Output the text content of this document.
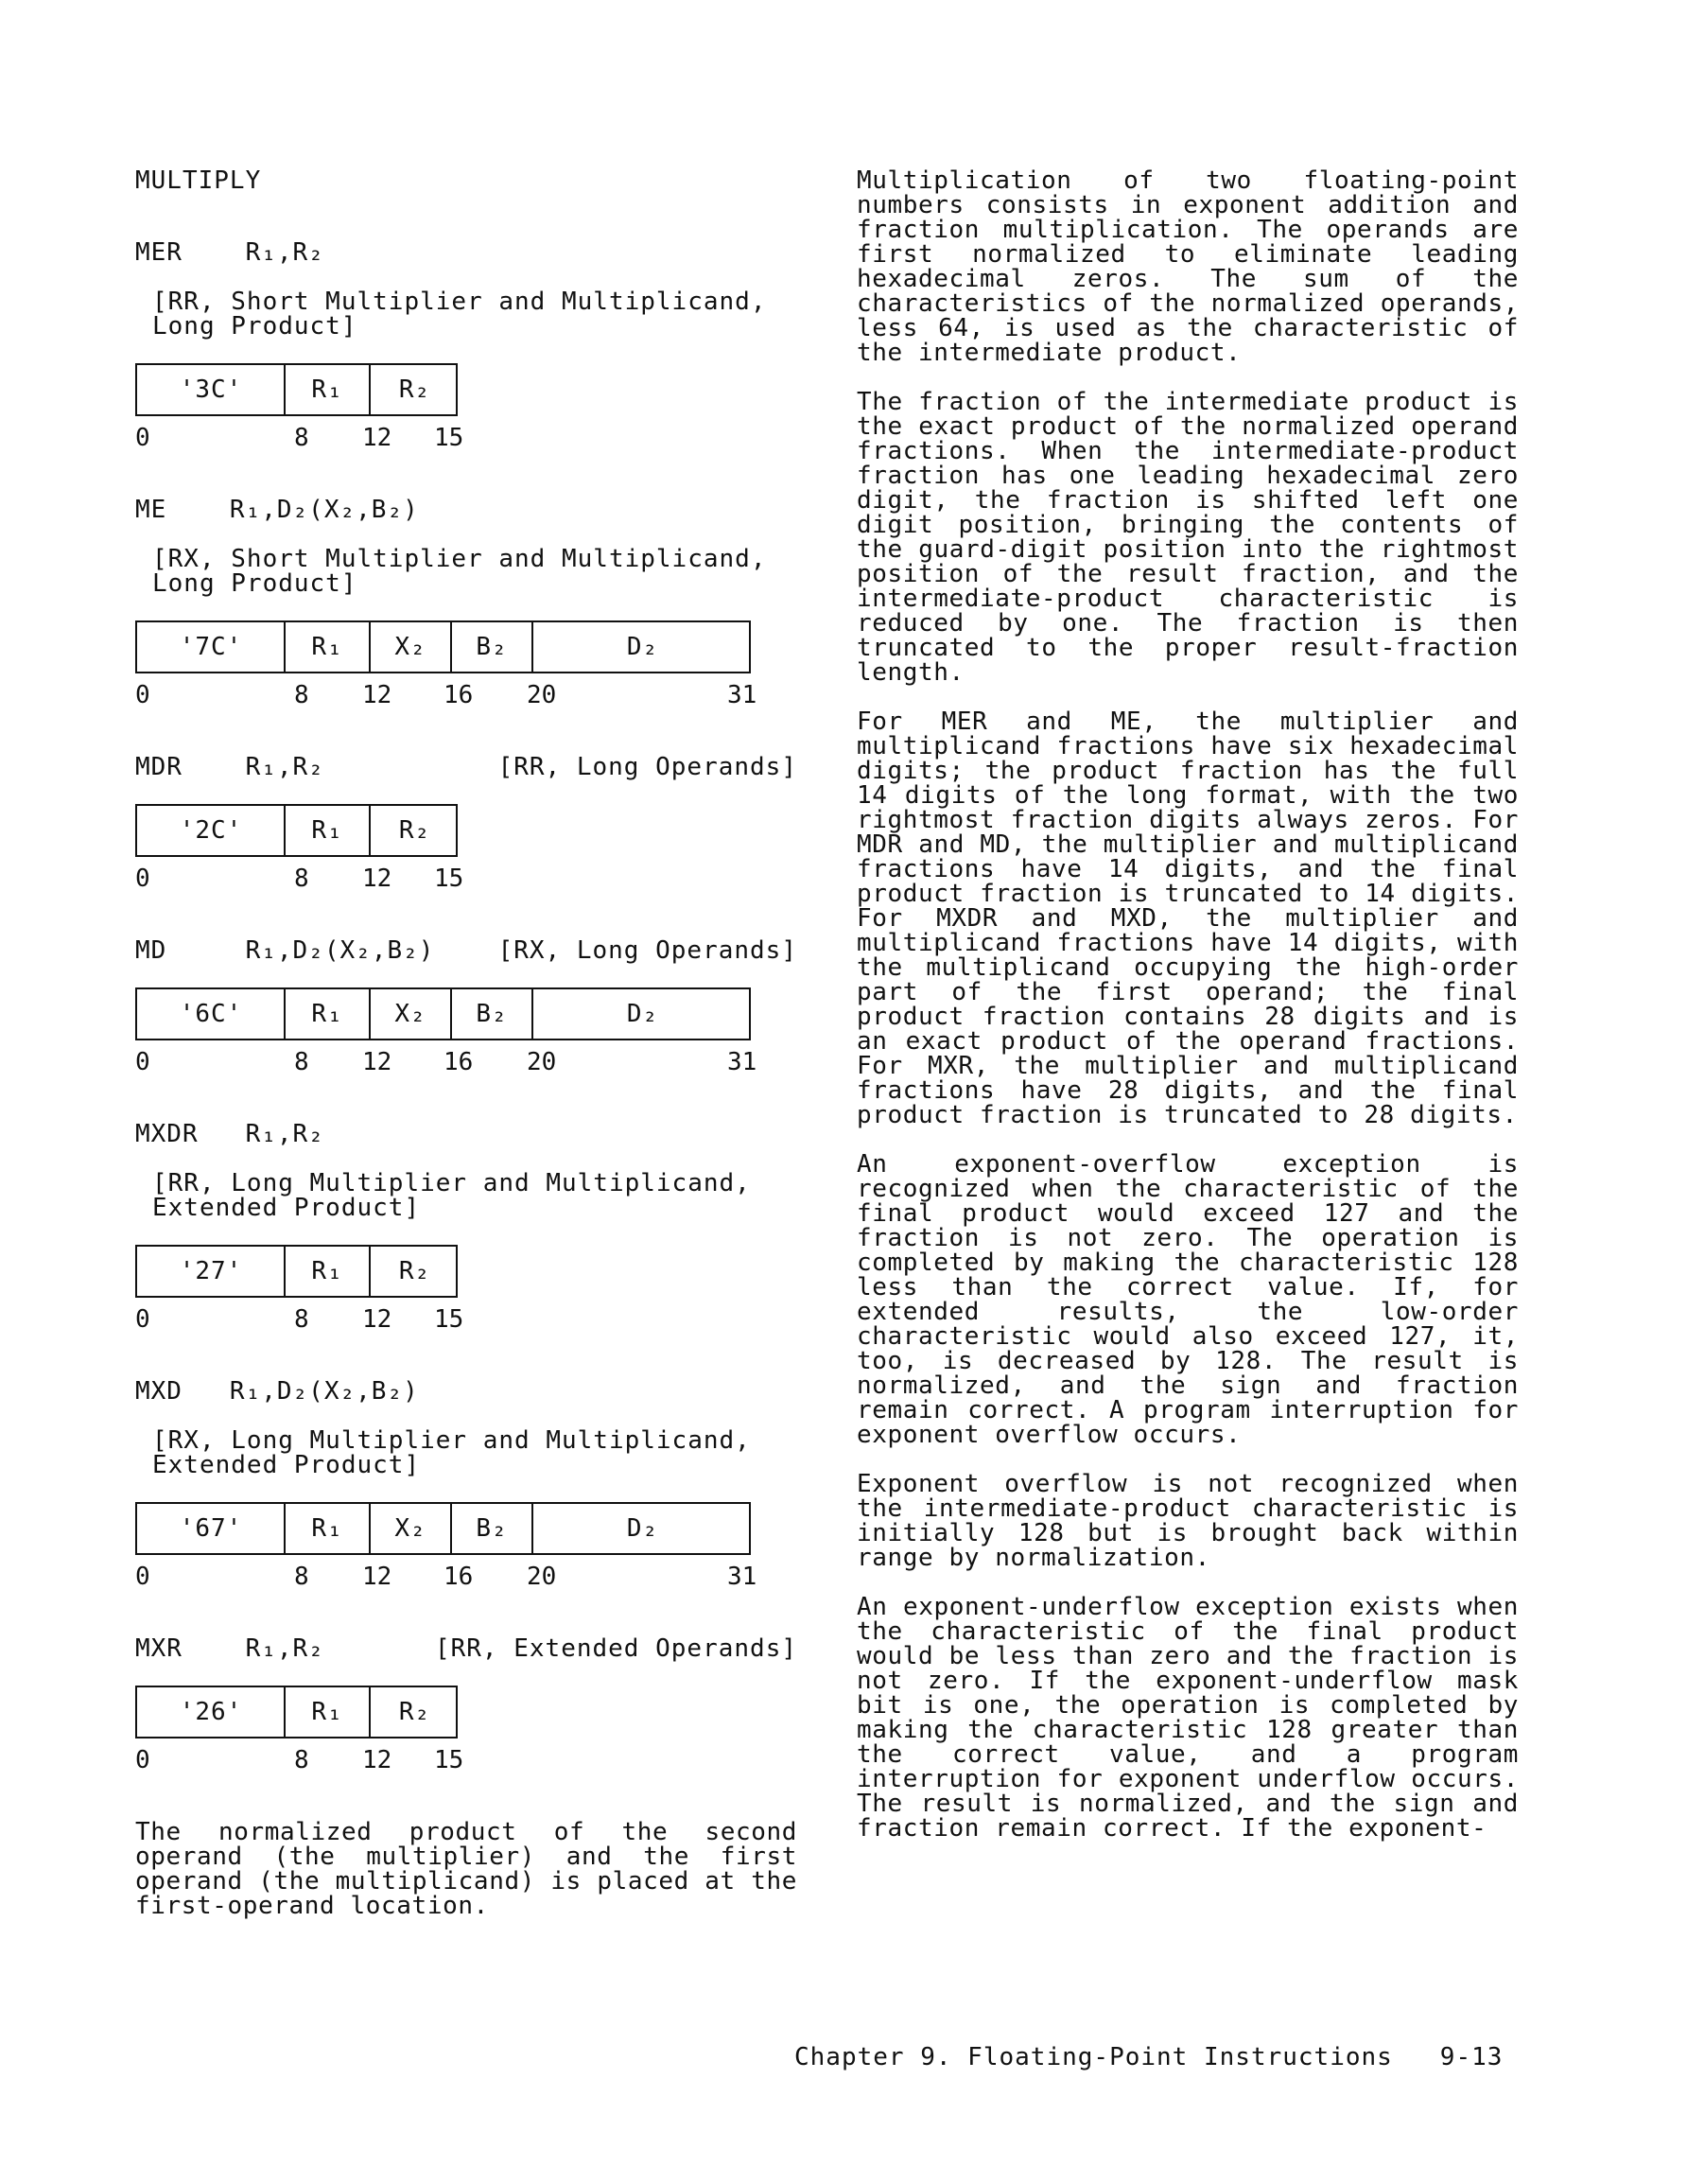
MULTIPLY
MER    R₁,R₂
[RR, Short Multiplier and Multiplicand,
Long Product]
'3C'	R₁	R₂
0	8 12 15
ME    R₁,D₂(X₂,B₂)
[RX, Short Multiplier and Multiplicand,
Long Product]
'7C'	R₁	X₂	B₂	D₂
0	8 12 16 20	31
MDR    R₁,R₂	[RR, Long Operands]
'2C'	R₁	R₂
0	8 12 15
MD     R₁,D₂(X₂,B₂)	[RX, Long Operands]
'6C'	R₁	X₂	B₂	D₂
0	8 12 16 20	31
MXDR   R₁,R₂
[RR, Long Multiplier and Multiplicand,
Extended Product]
'27'	R₁	R₂
0	8 12 15
MXD   R₁,D₂(X₂,B₂)
[RX, Long Multiplier and Multiplicand,
Extended Product]
'67'	R₁	X₂	B₂	D₂
0	8 12 16 20	31
MXR    R₁,R₂	[RR, Extended Operands]
'26'	R₁	R₂
0	8 12 15

The normalized product of the second operand (the multiplier) and the first operand (the multiplicand) is placed at the first-operand location.

Multiplication of two floating-point numbers consists in exponent addition and fraction multiplication. The operands are first normalized to eliminate leading hexadecimal zeros. The sum of the characteristics of the normalized operands, less 64, is used as the characteristic of the intermediate product.

The fraction of the intermediate product is the exact product of the normalized operand fractions. When the intermediate-product fraction has one leading hexadecimal zero digit, the fraction is shifted left one digit position, bringing the contents of the guard-digit position into the rightmost position of the result fraction, and the intermediate-product characteristic is reduced by one. The fraction is then truncated to the proper result-fraction length.

For MER and ME, the multiplier and multiplicand fractions have six hexadecimal digits; the product fraction has the full 14 digits of the long format, with the two rightmost fraction digits always zeros. For MDR and MD, the multiplier and multiplicand fractions have 14 digits, and the final product fraction is truncated to 14 digits. For MXDR and MXD, the multiplier and multiplicand fractions have 14 digits, with the multiplicand occupying the high-order part of the first operand; the final product fraction contains 28 digits and is an exact product of the operand fractions. For MXR, the multiplier and multiplicand fractions have 28 digits, and the final product fraction is truncated to 28 digits.

An exponent-overflow exception is recognized when the characteristic of the final product would exceed 127 and the fraction is not zero. The operation is completed by making the characteristic 128 less than the correct value. If, for extended results, the low-order characteristic would also exceed 127, it, too, is decreased by 128. The result is normalized, and the sign and fraction remain correct. A program interruption for exponent overflow occurs.

Exponent overflow is not recognized when the intermediate-product characteristic is initially 128 but is brought back within range by normalization.

An exponent-underflow exception exists when the characteristic of the final product would be less than zero and the fraction is not zero. If the exponent-underflow mask bit is one, the operation is completed by making the characteristic 128 greater than the correct value, and a program interruption for exponent underflow occurs. The result is normalized, and the sign and fraction remain correct. If the exponent-

Chapter 9. Floating-Point Instructions   9-13
